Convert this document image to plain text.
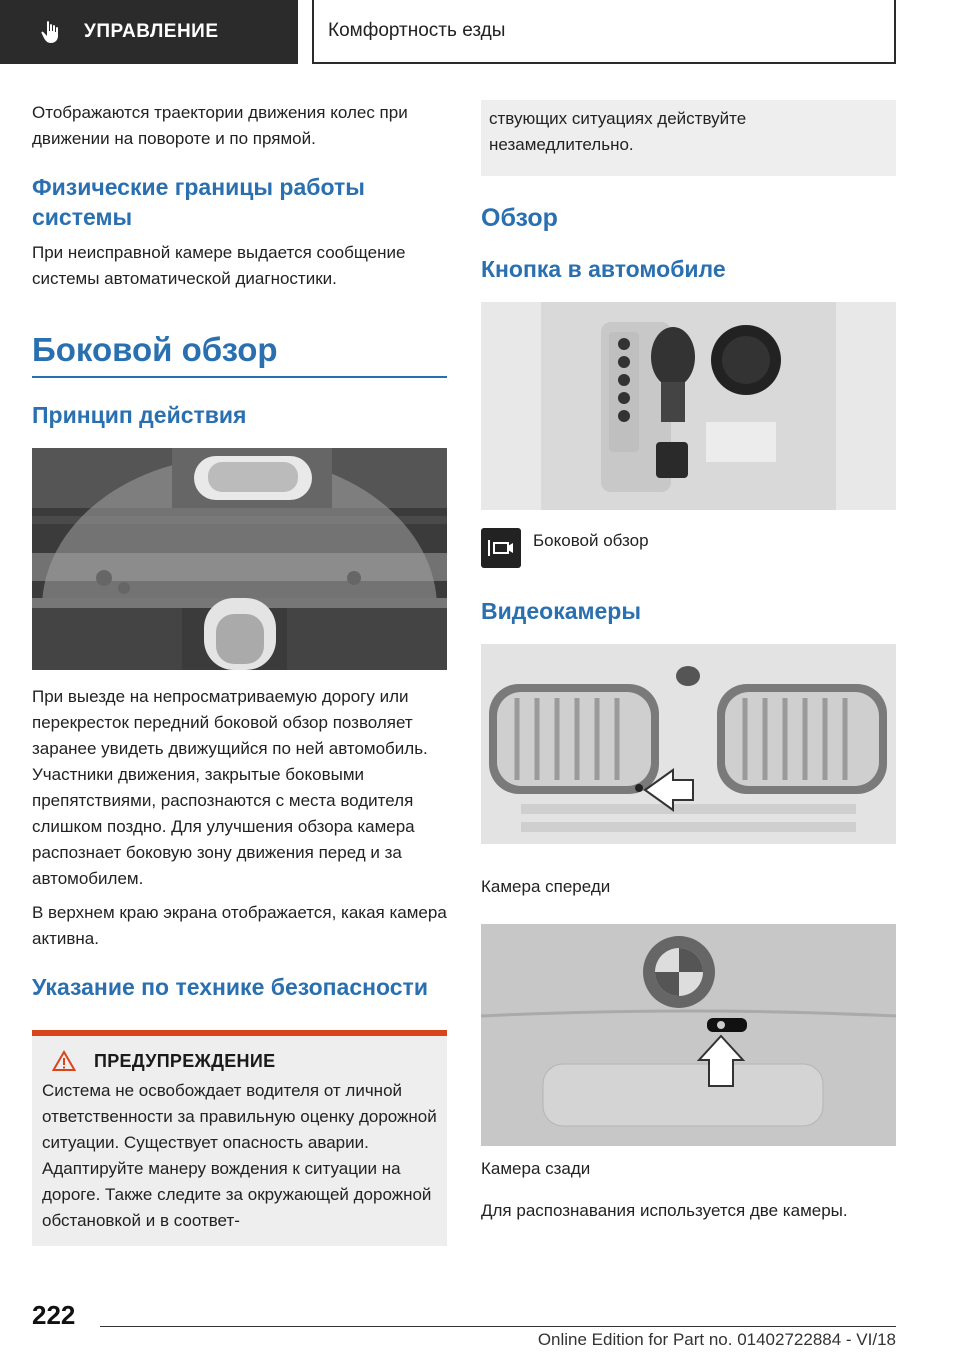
УПРАВЛЕНИЕ	Комфортность езды

Отображаются траектории движения колес при движении на повороте и по прямой.

Физические границы работы системы

При неисправной камере выдается сообщение системы автоматической диагностики.

Боковой обзор
Принцип действия

При выезде на непросматриваемую дорогу или перекресток передний боковой обзор позволяет заранее увидеть движущийся по ней автомобиль. Участники движения, закрытые боковыми препятствиями, распознаются с места водителя слишком поздно. Для улучшения обзора камера распознает боковую зону движения перед и за автомобилем.

В верхнем краю экрана отображается, какая камера активна.

Указание по технике безопасности
ПРЕДУПРЕЖДЕНИЕ

Система не освобождает водителя от личной ответственности за правильную оценку дорожной ситуации. Существует опасность аварии. Адаптируйте манеру вождения к ситуации на дороге. Также следите за окружающей дорожной обстановкой и в соответ-

ствующих ситуациях действуйте незамедлительно.

Обзор
Кнопка в автомобиле
Боковой обзор
Видеокамеры

Камера спереди

Камера сзади

Для распознавания используется две камеры.

222
Online Edition for Part no. 01402722884 - VI/18
